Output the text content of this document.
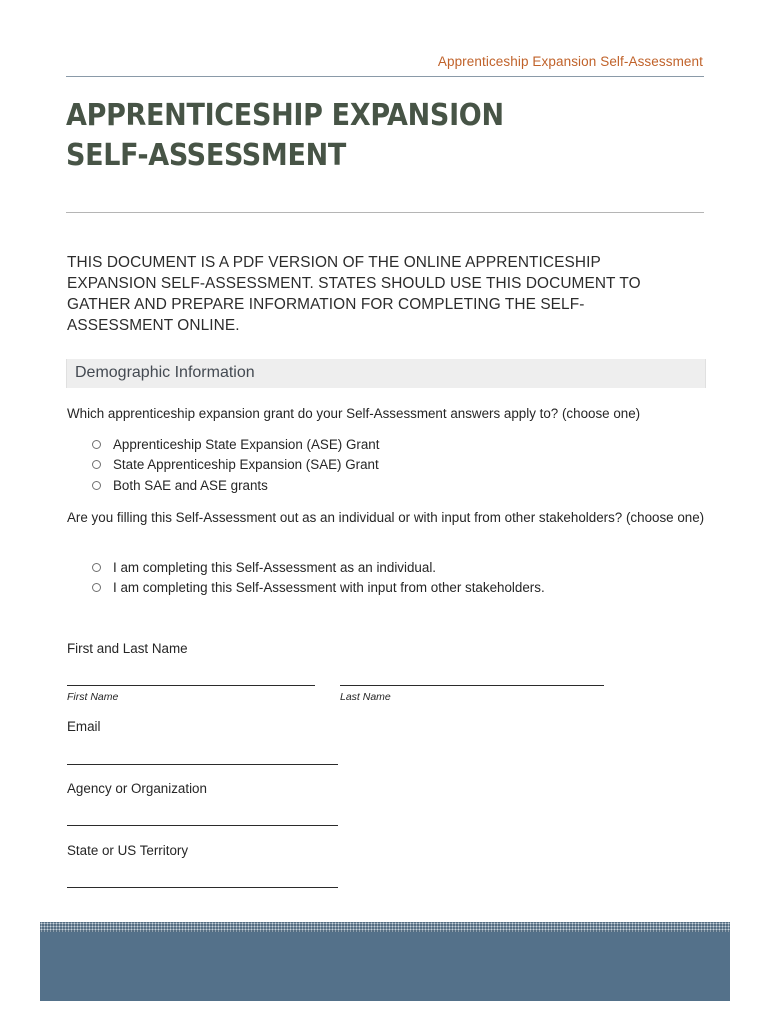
Apprenticeship Expansion Self-Assessment
APPRENTICESHIP EXPANSION
SELF-ASSESSMENT

THIS DOCUMENT IS A PDF VERSION OF THE ONLINE APPRENTICESHIP EXPANSION SELF-ASSESSMENT. STATES SHOULD USE THIS DOCUMENT TO GATHER AND PREPARE INFORMATION FOR COMPLETING THE SELF-ASSESSMENT ONLINE.

Demographic Information

Which apprenticeship expansion grant do your Self-Assessment answers apply to? (choose one)

Apprenticeship State Expansion (ASE) Grant
State Apprenticeship Expansion (SAE) Grant
Both SAE and ASE grants

Are you filling this Self-Assessment out as an individual or with input from other stakeholders? (choose one)

I am completing this Self-Assessment as an individual.
I am completing this Self-Assessment with input from other stakeholders.
First and Last Name
First Name	Last Name
Email
Agency or Organization
State or US Territory
